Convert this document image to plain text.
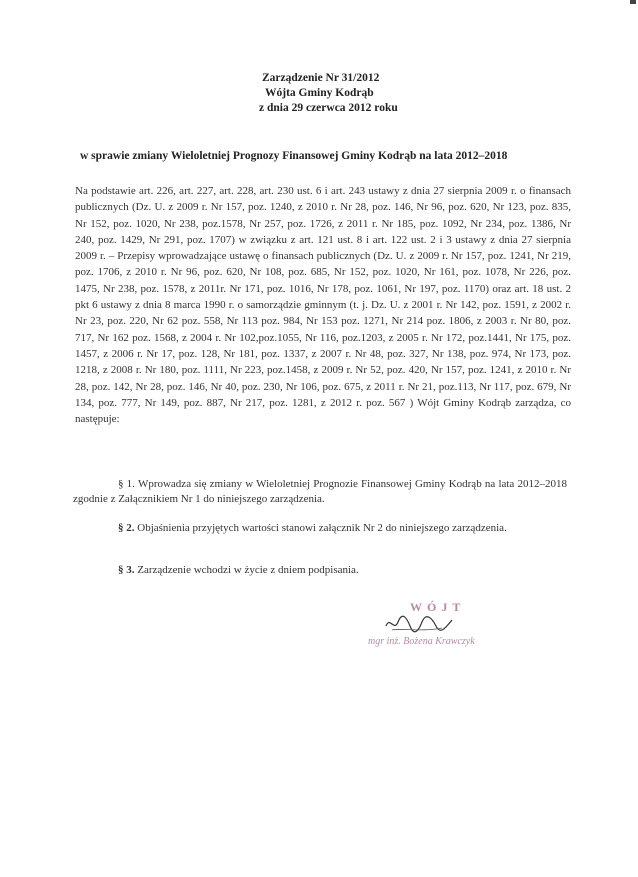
Zarządzenie Nr 31/2012
Wójta Gminy Kodrąb
z dnia 29 czerwca 2012 roku
w sprawie zmiany Wieloletniej Prognozy Finansowej Gminy Kodrąb na lata 2012–2018
Na podstawie art. 226, art. 227, art. 228, art. 230 ust. 6 i art. 243 ustawy z dnia 27 sierpnia 2009 r. o finansach publicznych (Dz. U. z 2009 r. Nr 157, poz. 1240, z 2010 r. Nr 28, poz. 146, Nr 96, poz. 620, Nr 123, poz. 835, Nr 152, poz. 1020, Nr 238, poz.1578, Nr 257, poz. 1726, z 2011 r. Nr 185, poz. 1092, Nr 234, poz. 1386, Nr 240, poz. 1429, Nr 291, poz. 1707) w związku z art. 121 ust. 8 i art. 122 ust. 2 i 3 ustawy z dnia 27 sierpnia 2009 r. – Przepisy wprowadzające ustawę o finansach publicznych (Dz. U. z 2009 r. Nr 157, poz. 1241, Nr 219, poz. 1706, z 2010 r. Nr 96, poz. 620, Nr 108, poz. 685, Nr 152, poz. 1020, Nr 161, poz. 1078, Nr 226, poz. 1475, Nr 238, poz. 1578, z 2011r. Nr 171, poz. 1016, Nr 178, poz. 1061, Nr 197, poz. 1170) oraz art. 18 ust. 2 pkt 6 ustawy z dnia 8 marca 1990 r. o samorządzie gminnym (t. j. Dz. U. z 2001 r. Nr 142, poz. 1591, z 2002 r. Nr 23, poz. 220, Nr 62 poz. 558, Nr 113 poz. 984, Nr 153 poz. 1271, Nr 214 poz. 1806, z 2003 r. Nr 80, poz. 717, Nr 162 poz. 1568, z 2004 r. Nr 102,poz.1055, Nr 116, poz.1203, z 2005 r. Nr 172, poz.1441, Nr 175, poz. 1457, z 2006 r. Nr 17, poz. 128, Nr 181, poz. 1337, z 2007 r. Nr 48, poz. 327, Nr 138, poz. 974, Nr 173, poz. 1218, z 2008 r. Nr 180, poz. 1111, Nr 223, poz.1458, z 2009 r. Nr 52, poz. 420, Nr 157, poz. 1241, z 2010 r. Nr 28, poz. 142, Nr 28, poz. 146, Nr 40, poz. 230, Nr 106, poz. 675, z 2011 r. Nr 21, poz.113, Nr 117, poz. 679, Nr 134, poz. 777, Nr 149, poz. 887, Nr 217, poz. 1281, z 2012 r. poz. 567 ) Wójt Gminy Kodrąb zarządza, co następuje:
§ 1. Wprowadza się zmiany w Wieloletniej Prognozie Finansowej Gminy Kodrąb na lata 2012–2018 zgodnie z Załącznikiem Nr 1 do niniejszego zarządzenia.
§ 2. Objaśnienia przyjętych wartości stanowi załącznik Nr 2 do niniejszego zarządzenia.
§ 3. Zarządzenie wchodzi w życie z dniem podpisania.
WÓJT
mgr inż. Bożena Krawczyk
